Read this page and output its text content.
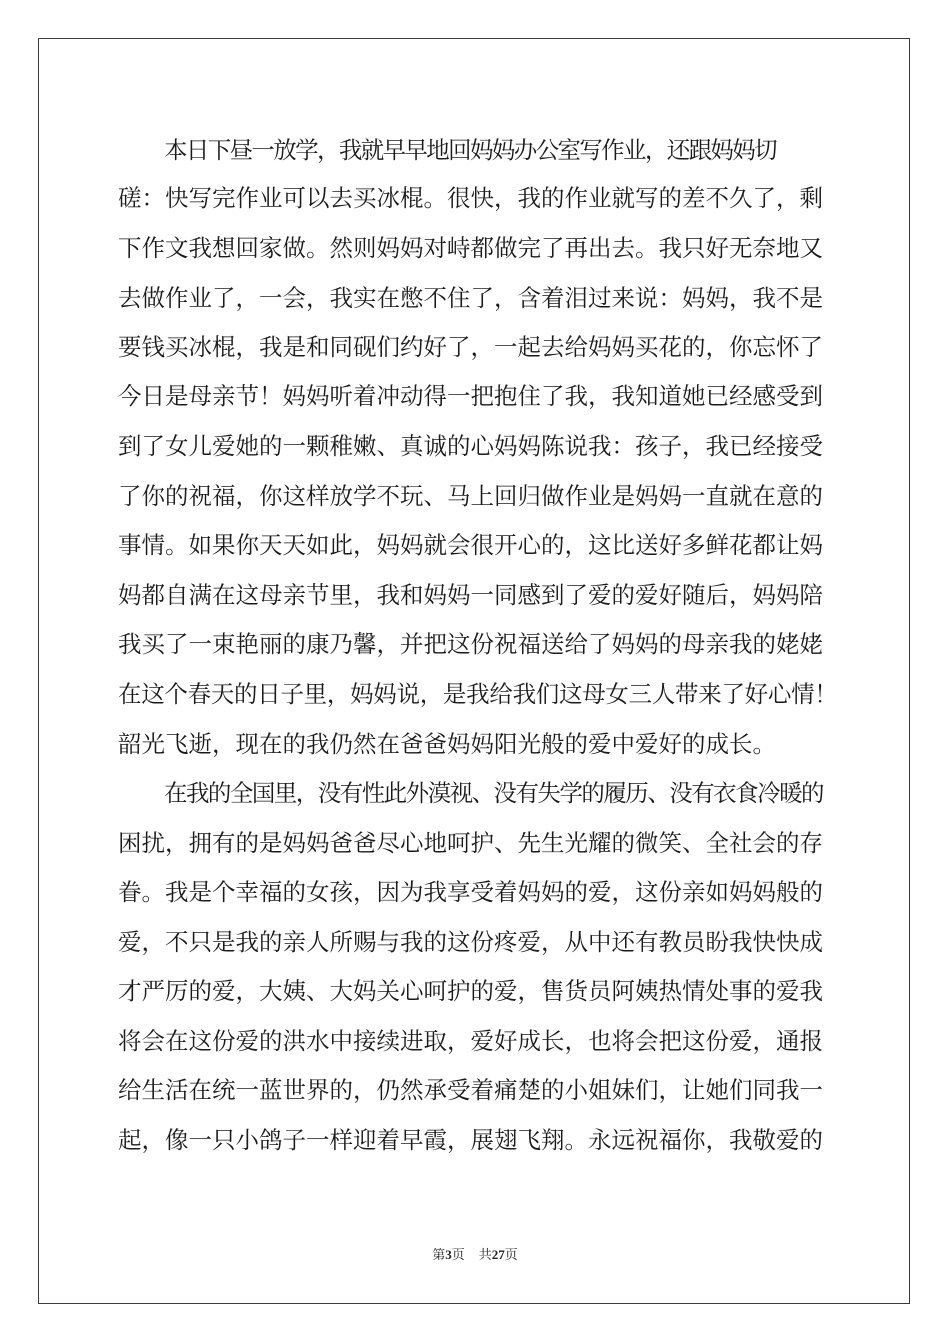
本日下昼一放学，我就早早地回妈妈办公室写作业，还跟妈妈切
磋：快写完作业可以去买冰棍。很快，我的作业就写的差不久了，剩
下作文我想回家做。然则妈妈对峙都做完了再出去。我只好无奈地又
去做作业了，一会，我实在憋不住了，含着泪过来说：妈妈，我不是
要钱买冰棍，我是和同砚们约好了，一起去给妈妈买花的，你忘怀了
今日是母亲节！妈妈听着冲动得一把抱住了我，我知道她已经感受到
到了女儿爱她的一颗稚嫩、真诚的心妈妈陈说我：孩子，我已经接受
了你的祝福，你这样放学不玩、马上回归做作业是妈妈一直就在意的
事情。如果你天天如此，妈妈就会很开心的，这比送好多鲜花都让妈
妈都自满在这母亲节里，我和妈妈一同感到了爱的爱好随后，妈妈陪
我买了一束艳丽的康乃馨，并把这份祝福送给了妈妈的母亲我的姥姥
在这个春天的日子里，妈妈说，是我给我们这母女三人带来了好心情！
韶光飞逝，现在的我仍然在爸爸妈妈阳光般的爱中爱好的成长。
在我的全国里，没有性此外漠视、没有失学的履历、没有衣食冷暖的
困扰，拥有的是妈妈爸爸尽心地呵护、先生光耀的微笑、全社会的存
眷。我是个幸福的女孩，因为我享受着妈妈的爱，这份亲如妈妈般的
爱，不只是我的亲人所赐与我的这份疼爱，从中还有教员盼我快快成
才严厉的爱，大姨、大妈关心呵护的爱，售货员阿姨热情处事的爱我
将会在这份爱的洪水中接续进取，爱好成长，也将会把这份爱，通报
给生活在统一蓝世界的，仍然承受着痛楚的小姐妹们，让她们同我一
起，像一只小鸽子一样迎着早霞，展翅飞翔。永远祝福你，我敬爱的
第3页 共27页
